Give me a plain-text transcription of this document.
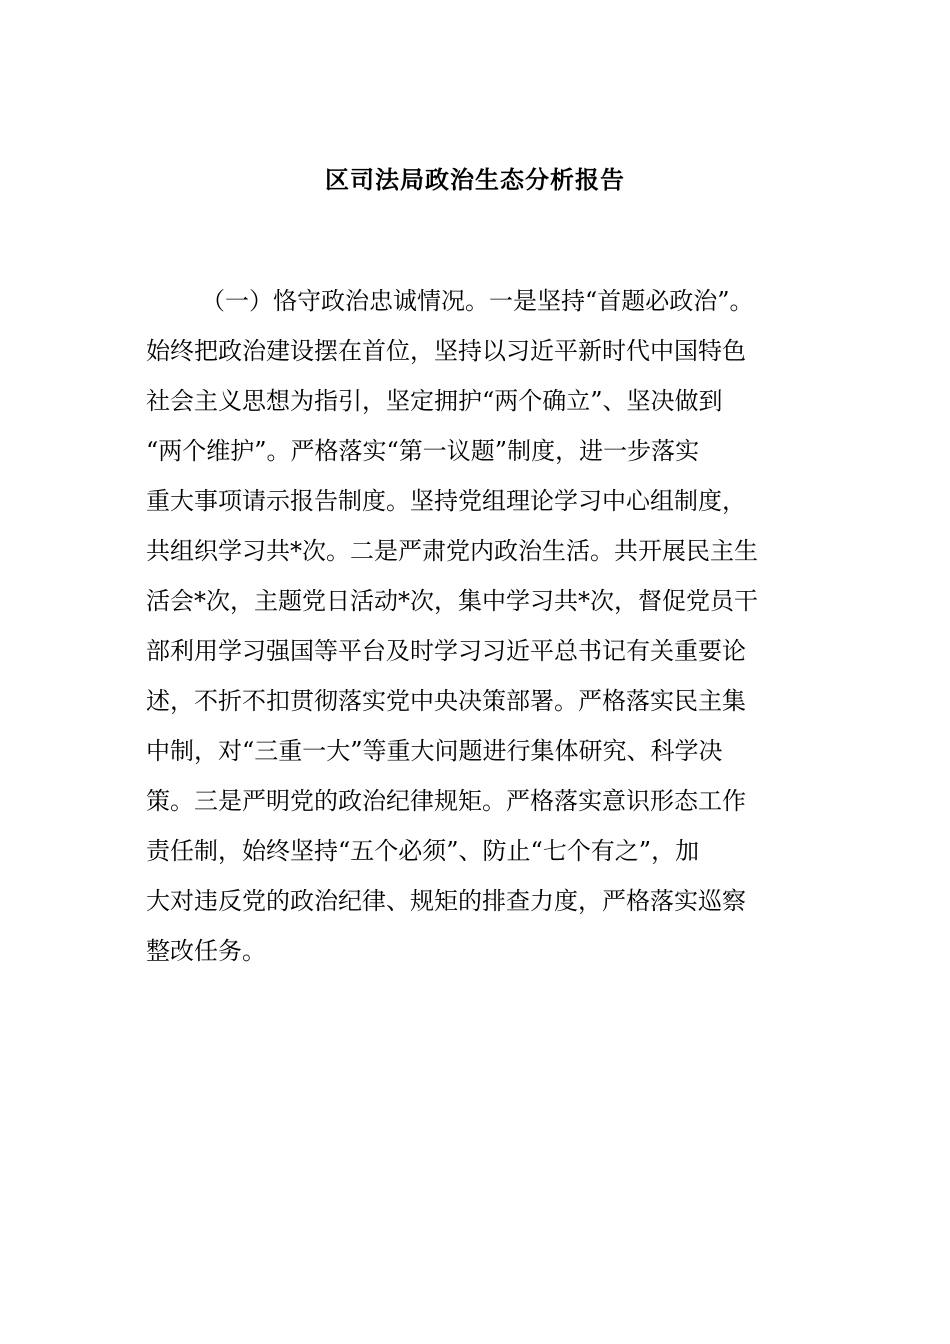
区司法局政治生态分析报告
（一）恪守政治忠诚情况。一是坚持“首题必政治”。
始终把政治建设摆在首位，坚持以习近平新时代中国特色
社会主义思想为指引，坚定拥护“两个确立”、坚决做到
“两个维护”。严格落实“第一议题”制度，进一步落实
重大事项请示报告制度。坚持党组理论学习中心组制度，
共组织学习共*次。二是严肃党内政治生活。共开展民主生
活会*次，主题党日活动*次，集中学习共*次，督促党员干
部利用学习强国等平台及时学习习近平总书记有关重要论
述，不折不扣贯彻落实党中央决策部署。严格落实民主集
中制，对“三重一大”等重大问题进行集体研究、科学决
策。三是严明党的政治纪律规矩。严格落实意识形态工作
责任制，始终坚持“五个必须”、防止“七个有之”，加
大对违反党的政治纪律、规矩的排查力度，严格落实巡察
整改任务。
